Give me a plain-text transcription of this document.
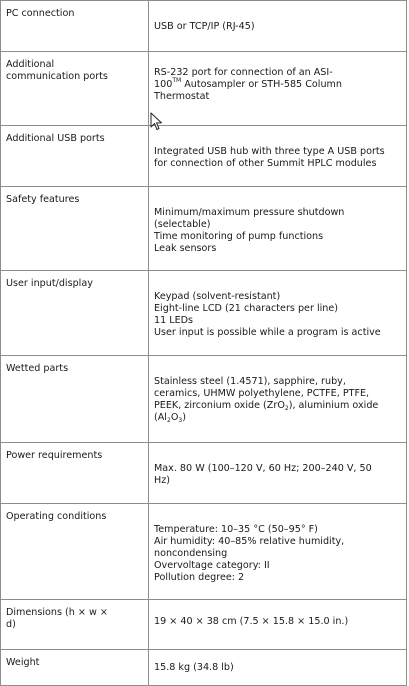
PC connection	USB or TCP/IP (RJ-45)

Additional
communication ports	RS-232 port for connection of an ASI-
100™ Autosampler or STH-585 Column
Thermostat

Additional USB ports	Integrated USB hub with three type A USB ports
for connection of other Summit HPLC modules

Safety features	Minimum/maximum pressure shutdown
(selectable)
Time monitoring of pump functions
Leak sensors

User input/display	Keypad (solvent-resistant)
Eight-line LCD (21 characters per line)
11 LEDs
User input is possible while a program is active

Wetted parts	Stainless steel (1.4571), sapphire, ruby,
ceramics, UHMW polyethylene, PCTFE, PTFE,
PEEK, zirconium oxide (ZrO$_2$), aluminium oxide
$(Al_2O_3)$

Power requirements	Max. 80 W (100–120 V, 60 Hz; 200–240 V, 50
Hz)

Operating conditions	Temperature: 10–35 °C (50–95° F)
Air humidity: 40–85% relative humidity,
noncondensing
Overvoltage category: II
Pollution degree: 2

Dimensions (h × w ×
d)	19 × 40 × 38 cm (7.5 × 15.8 × 15.0 in.)

Weight	15.8 kg (34.8 lb)
